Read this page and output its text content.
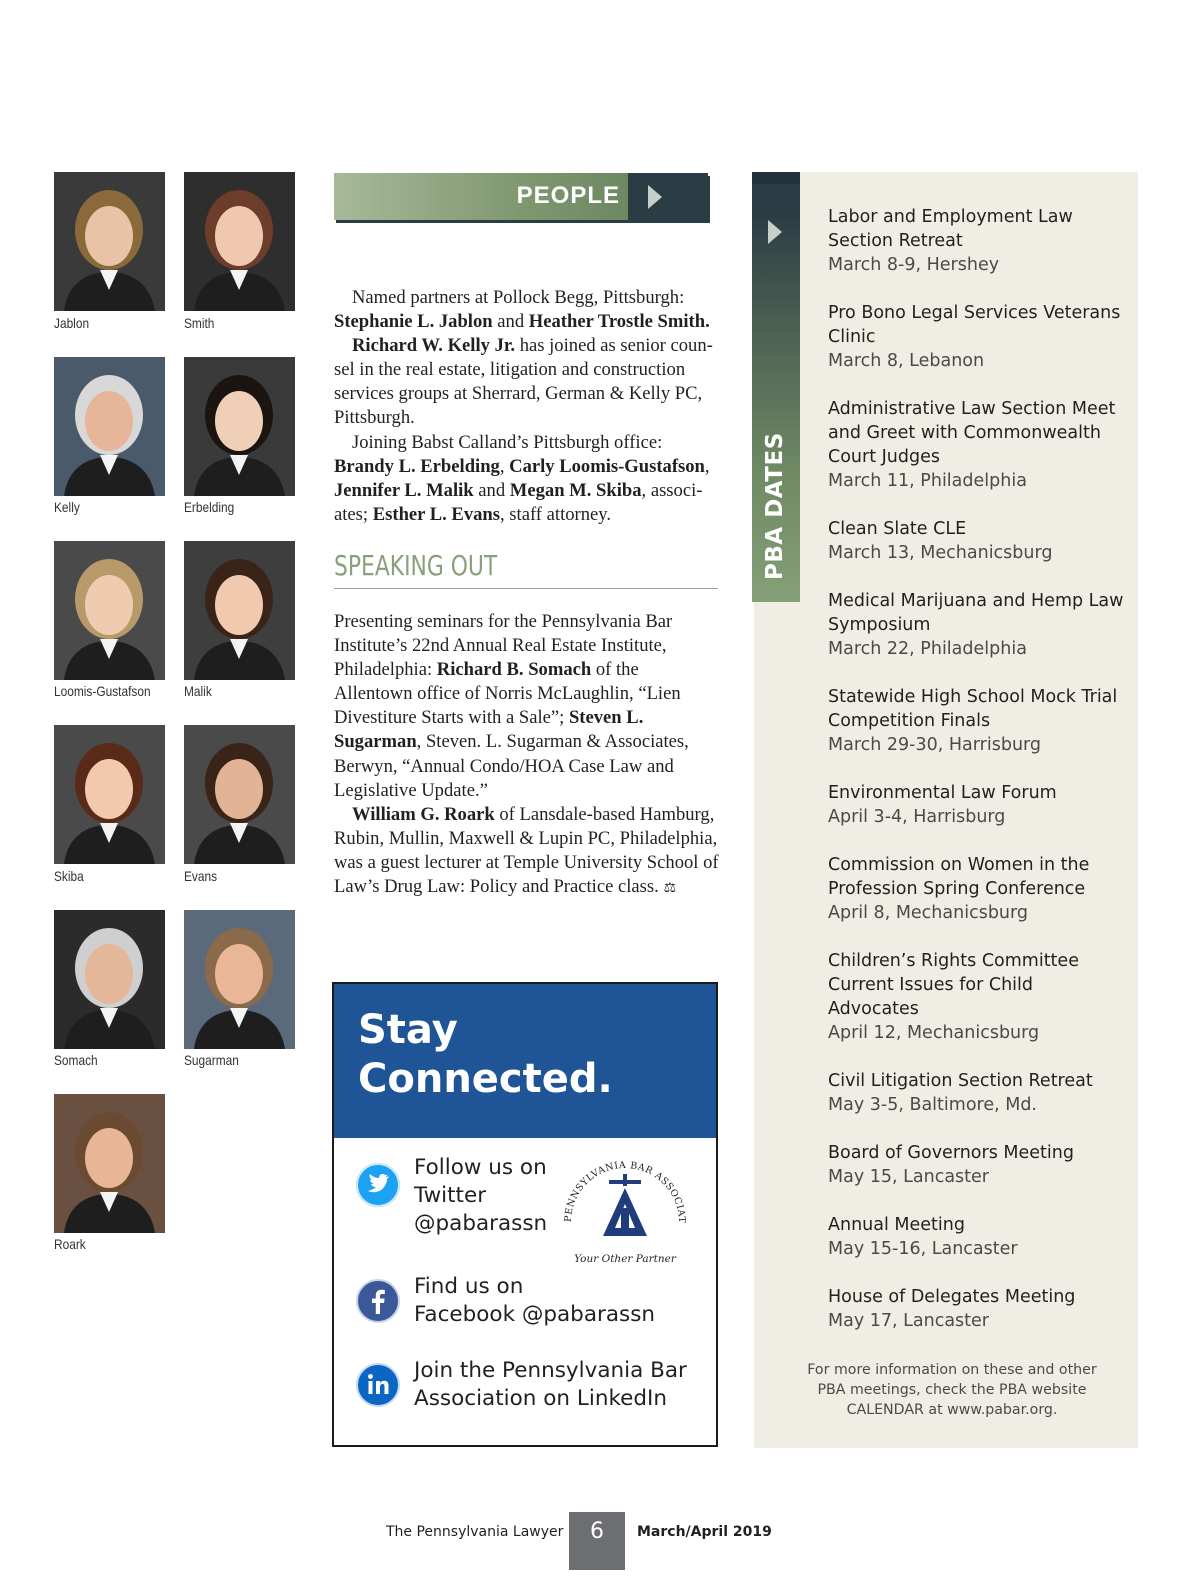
Jablon	Smith
Kelly	Erbelding
Loomis-Gustafson Malik
Skiba	Evans
Somach	Sugarman
Roark
PEOPLE

Named partners at Pollock Begg, Pittsburgh: Stephanie L. Jablon and Heather Trostle Smith.

Richard W. Kelly Jr. has joined as senior coun-sel in the real estate, litigation and construction services groups at Sherrard, German & Kelly PC, Pittsburgh.

Joining Babst Calland’s Pittsburgh office: Brandy L. Erbelding, Carly Loomis-Gustafson, Jennifer L. Malik and Megan M. Skiba, associ-ates; Esther L. Evans, staff attorney.

SPEAKING OUT

Presenting seminars for the Pennsylvania Bar Institute’s 22nd Annual Real Estate Institute, Philadelphia: Richard B. Somach of the Allentown office of Norris McLaughlin, “Lien Divestiture Starts with a Sale”; Steven L. Sugarman, Steven. L. Sugarman & Associates, Berwyn, “Annual Condo/HOA Case Law and Legislative Update.”

William G. Roark of Lansdale-based Hamburg, Rubin, Mullin, Maxwell & Lupin PC, Philadelphia, was a guest lecturer at Temple University School of Law’s Drug Law: Policy and Practice class. ⚖

Stay
Connected.
Follow us on
Twitter
@pabarassn	PENNSYLVANIA BAR ASSOCIAT
Your Other Partner
Find us on
Facebook @pabarassn
Join the Pennsylvania Bar
Association on LinkedIn
PBA DATES
Labor and Employment Law Section Retreat
March 8-9, Hershey
Pro Bono Legal Services Veterans Clinic
March 8, Lebanon
Administrative Law Section Meet and Greet with Commonwealth Court Judges
March 11, Philadelphia
Clean Slate CLE
March 13, Mechanicsburg
Medical Marijuana and Hemp Law Symposium
March 22, Philadelphia
Statewide High School Mock Trial Competition Finals
March 29-30, Harrisburg
Environmental Law Forum
April 3-4, Harrisburg
Commission on Women in the Profession Spring Conference
April 8, Mechanicsburg
Children’s Rights Committee Current Issues for Child Advocates
April 12, Mechanicsburg
Civil Litigation Section Retreat
May 3-5, Baltimore, Md.
Board of Governors Meeting
May 15, Lancaster
Annual Meeting
May 15-16, Lancaster
House of Delegates Meeting
May 17, Lancaster
For more information on these and other PBA meetings, check the PBA website CALENDAR at www.pabar.org.
The Pennsylvania Lawyer	6	March/April 2019
